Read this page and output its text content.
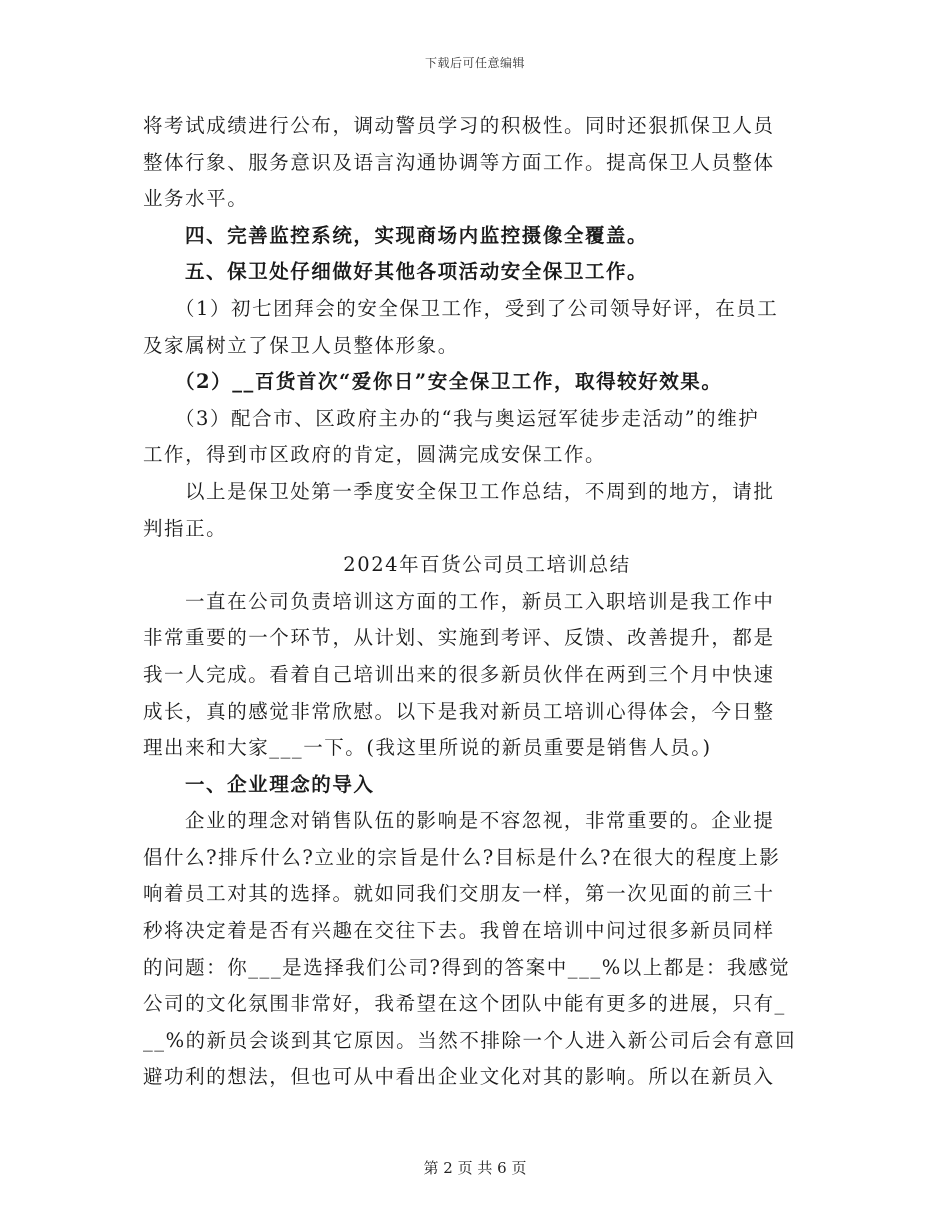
下载后可任意编辑
将考试成绩进行公布，调动警员学习的积极性。同时还狠抓保卫人员
整体行象、服务意识及语言沟通协调等方面工作。提高保卫人员整体
业务水平。
四、完善监控系统，实现商场内监控摄像全覆盖。
五、保卫处仔细做好其他各项活动安全保卫工作。
（1）初七团拜会的安全保卫工作，受到了公司领导好评，在员工
及家属树立了保卫人员整体形象。
（2）__百货首次“爱你日”安全保卫工作，取得较好效果。
（3）配合市、区政府主办的“我与奥运冠军徒步走活动”的维护
工作，得到市区政府的肯定，圆满完成安保工作。
以上是保卫处第一季度安全保卫工作总结，不周到的地方，请批
判指正。
2024年百货公司员工培训总结
一直在公司负责培训这方面的工作，新员工入职培训是我工作中
非常重要的一个环节，从计划、实施到考评、反馈、改善提升，都是
我一人完成。看着自己培训出来的很多新员伙伴在两到三个月中快速
成长，真的感觉非常欣慰。以下是我对新员工培训心得体会，今日整
理出来和大家___一下。(我这里所说的新员重要是销售人员。)
一、企业理念的导入
企业的理念对销售队伍的影响是不容忽视，非常重要的。企业提
倡什么?排斥什么?立业的宗旨是什么?目标是什么?在很大的程度上影
响着员工对其的选择。就如同我们交朋友一样，第一次见面的前三十
秒将决定着是否有兴趣在交往下去。我曾在培训中问过很多新员同样
的问题：你___是选择我们公司?得到的答案中___%以上都是：我感觉
公司的文化氛围非常好，我希望在这个团队中能有更多的进展，只有_
__%的新员会谈到其它原因。当然不排除一个人进入新公司后会有意回
避功利的想法，但也可从中看出企业文化对其的影响。所以在新员入
第 2 页 共 6 页
